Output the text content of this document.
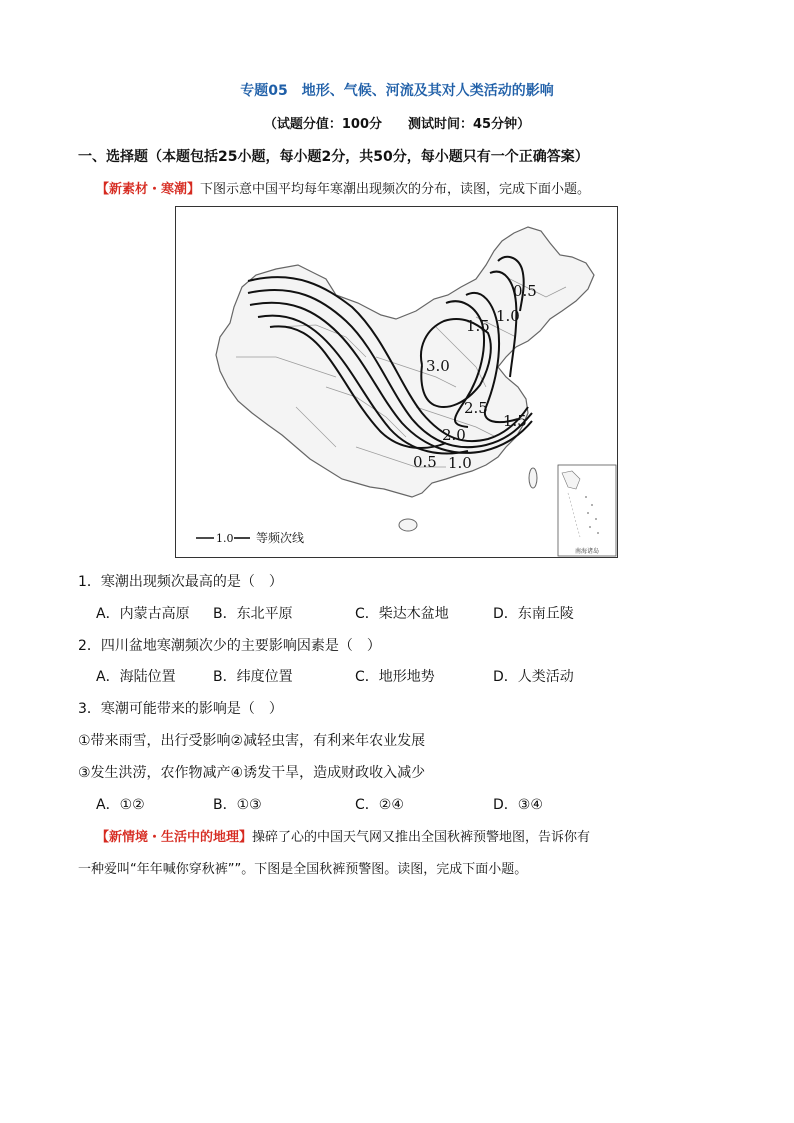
专题05 地形、气候、河流及其对人类活动的影响
（试题分值：100分　　测试时间：45分钟）
一、选择题（本题包括25小题，每小题2分，共50分，每小题只有一个正确答案）
【新素材・寒潮】下图示意中国平均每年寒潮出现频次的分布，读图，完成下面小题。
0.5
1.0
1.5
3.0
2.5
2.0
1.5
0.5 1.0
1.0 等频次线
南海诸岛
1．寒潮出现频次最高的是（　）
A．内蒙古高原 B．东北平原	C．柴达木盆地	D．东南丘陵
2．四川盆地寒潮频次少的主要影响因素是（　）
A．海陆位置	B．纬度位置	C．地形地势	D．人类活动
3．寒潮可能带来的影响是（　）
①带来雨雪，出行受影响②减轻虫害，有利来年农业发展
③发生洪涝，农作物减产④诱发干旱，造成财政收入减少
A．①②	B．①③	C．②④	D．③④
【新情境・生活中的地理】操碎了心的中国天气网又推出全国秋裤预警地图，告诉你有
一种爱叫“年年喊你穿秋裤””。下图是全国秋裤预警图。读图，完成下面小题。
